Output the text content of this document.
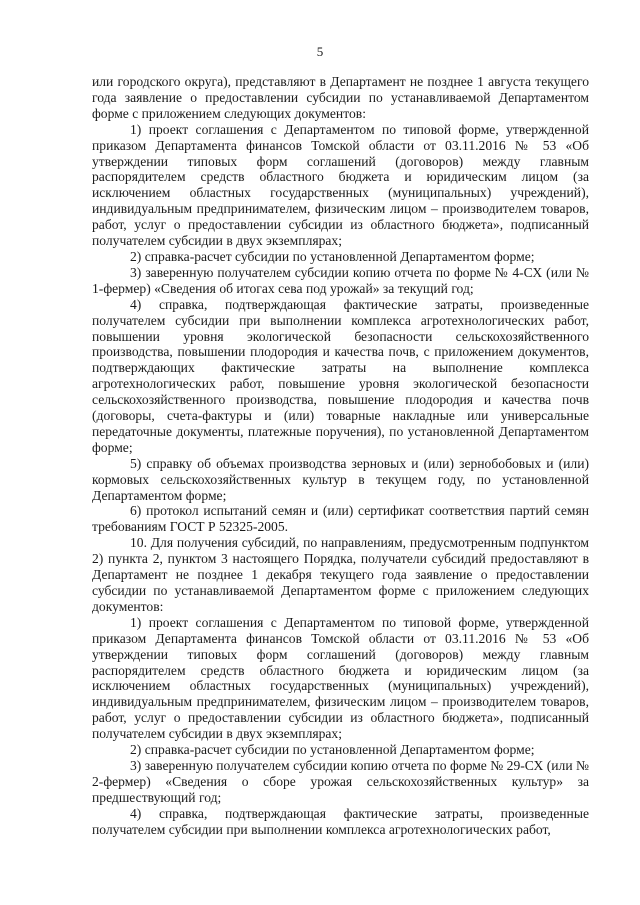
5

или городского округа), представляют в Департамент не позднее 1 августа текущего года заявление о предоставлении субсидии по устанавливаемой Департаментом форме с приложением следующих документов:

1) проект соглашения с Департаментом по типовой форме, утвержденной приказом Департамента финансов Томской области от 03.11.2016 № 53 «Об утверждении типовых форм соглашений (договоров) между главным распорядителем средств областного бюджета и юридическим лицом (за исключением областных государственных (муниципальных) учреждений), индивидуальным предпринимателем, физическим лицом – производителем товаров, работ, услуг о предоставлении субсидии из областного бюджета», подписанный получателем субсидии в двух экземплярах;

2) справка-расчет субсидии по установленной Департаментом форме;

3) заверенную получателем субсидии копию отчета по форме № 4-СХ (или № 1-фермер) «Сведения об итогах сева под урожай» за текущий год;

4) справка, подтверждающая фактические затраты, произведенные получателем субсидии при выполнении комплекса агротехнологических работ, повышении уровня экологической безопасности сельскохозяйственного производства, повышении плодородия и качества почв, с приложением документов, подтверждающих фактические затраты на выполнение комплекса агротехнологических работ, повышение уровня экологической безопасности сельскохозяйственного производства, повышение плодородия и качества почв (договоры, счета-фактуры и (или) товарные накладные или универсальные передаточные документы, платежные поручения), по установленной Департаментом форме;

5) справку об объемах производства зерновых и (или) зернобобовых и (или) кормовых сельскохозяйственных культур в текущем году, по установленной Департаментом форме;

6) протокол испытаний семян и (или) сертификат соответствия партий семян требованиям ГОСТ Р 52325-2005.

10. Для получения субсидий, по направлениям, предусмотренным подпунктом 2) пункта 2, пунктом 3 настоящего Порядка, получатели субсидий предоставляют в Департамент не позднее 1 декабря текущего года заявление о предоставлении субсидии по устанавливаемой Департаментом форме с приложением следующих документов:

1) проект соглашения с Департаментом по типовой форме, утвержденной приказом Департамента финансов Томской области от 03.11.2016 № 53 «Об утверждении типовых форм соглашений (договоров) между главным распорядителем средств областного бюджета и юридическим лицом (за исключением областных государственных (муниципальных) учреждений), индивидуальным предпринимателем, физическим лицом – производителем товаров, работ, услуг о предоставлении субсидии из областного бюджета», подписанный получателем субсидии в двух экземплярах;

2) справка-расчет субсидии по установленной Департаментом форме;

3) заверенную получателем субсидии копию отчета по форме № 29-СХ (или № 2-фермер) «Сведения о сборе урожая сельскохозяйственных культур» за предшествующий год;

4) справка, подтверждающая фактические затраты, произведенные получателем субсидии при выполнении комплекса агротехнологических работ,
